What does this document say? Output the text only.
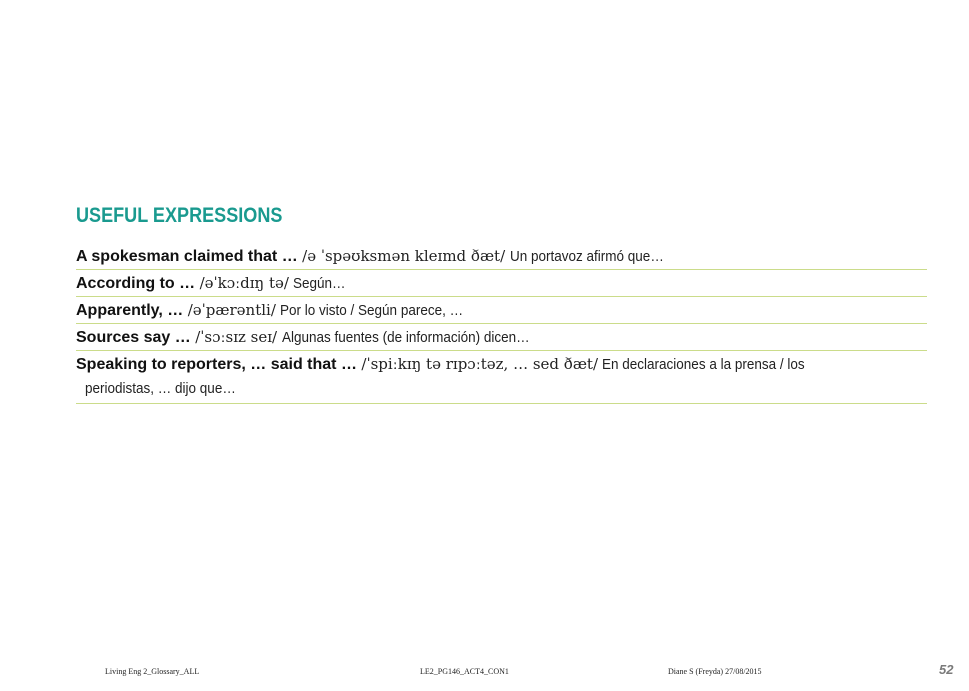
USEFUL EXPRESSIONS
A spokesman claimed that … /ə ˈspəʊksmən kleɪmd ðæt/ Un portavoz afirmó que…
According to … /əˈkɔːdɪŋ tə/ Según…
Apparently, … /əˈpærəntli/ Por lo visto / Según parece, …
Sources say … /ˈsɔːsɪz seɪ/ Algunas fuentes (de información) dicen…
Speaking to reporters, … said that … /ˈspiːkɪŋ tə rɪpɔːtəz, … sed ðæt/ En declaraciones a la prensa / los
periodistas, … dijo que…
Living Eng 2_Glossary_ALL	LE2_PG146_ACT4_CON1	Diane S (Freyda) 27/08/2015	52
